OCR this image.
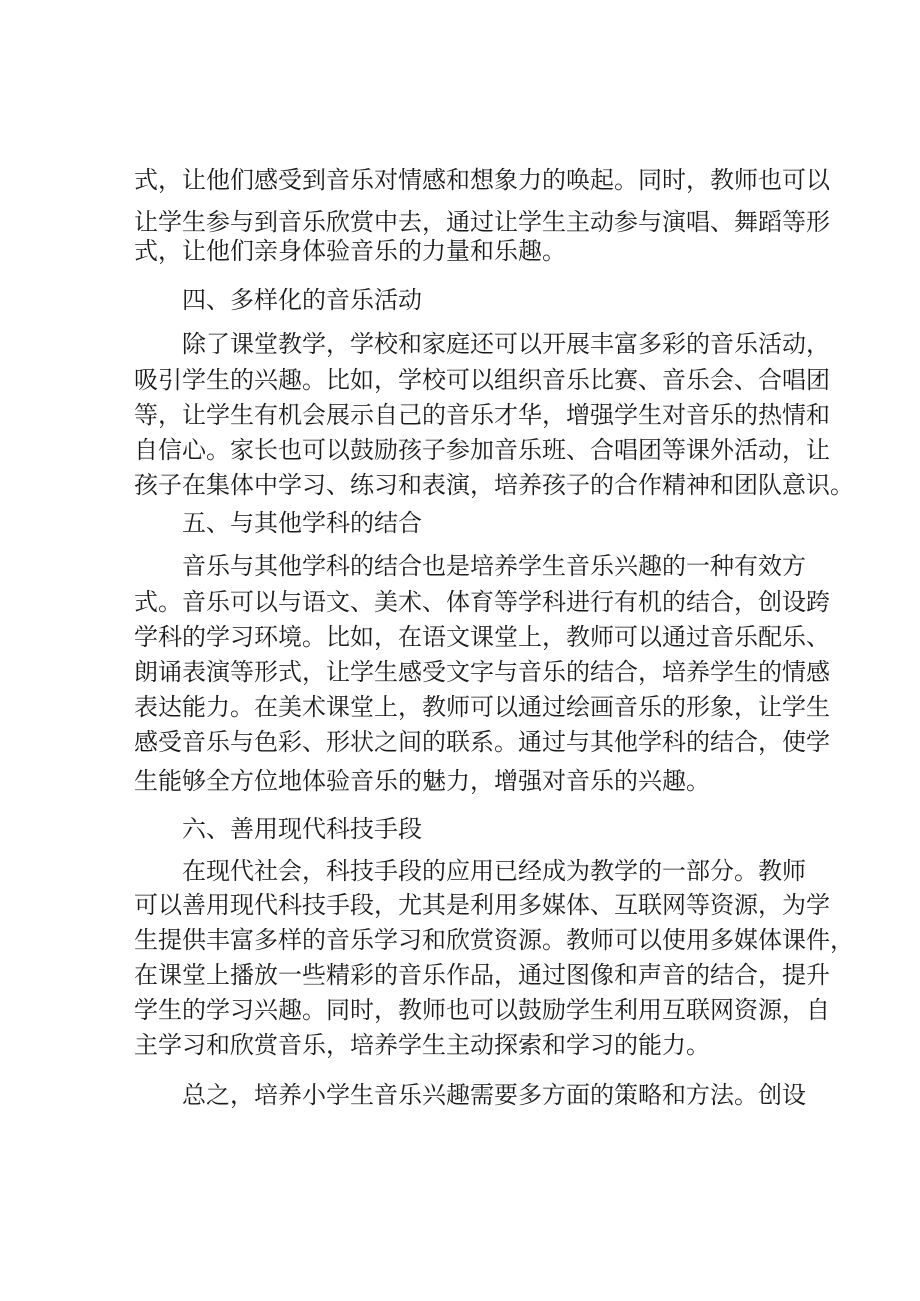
式，让他们感受到音乐对情感和想象力的唤起。同时，教师也可以
让学生参与到音乐欣赏中去，通过让学生主动参与演唱、舞蹈等形
式，让他们亲身体验音乐的力量和乐趣。
四、多样化的音乐活动
除了课堂教学，学校和家庭还可以开展丰富多彩的音乐活动，
吸引学生的兴趣。比如，学校可以组织音乐比赛、音乐会、合唱团
等，让学生有机会展示自己的音乐才华，增强学生对音乐的热情和
自信心。家长也可以鼓励孩子参加音乐班、合唱团等课外活动，让
孩子在集体中学习、练习和表演，培养孩子的合作精神和团队意识。
五、与其他学科的结合
音乐与其他学科的结合也是培养学生音乐兴趣的一种有效方
式。音乐可以与语文、美术、体育等学科进行有机的结合，创设跨
学科的学习环境。比如，在语文课堂上，教师可以通过音乐配乐、
朗诵表演等形式，让学生感受文字与音乐的结合，培养学生的情感
表达能力。在美术课堂上，教师可以通过绘画音乐的形象，让学生
感受音乐与色彩、形状之间的联系。通过与其他学科的结合，使学
生能够全方位地体验音乐的魅力，增强对音乐的兴趣。
六、善用现代科技手段
在现代社会，科技手段的应用已经成为教学的一部分。教师
可以善用现代科技手段，尤其是利用多媒体、互联网等资源，为学
生提供丰富多样的音乐学习和欣赏资源。教师可以使用多媒体课件，
在课堂上播放一些精彩的音乐作品，通过图像和声音的结合，提升
学生的学习兴趣。同时，教师也可以鼓励学生利用互联网资源，自
主学习和欣赏音乐，培养学生主动探索和学习的能力。
总之，培养小学生音乐兴趣需要多方面的策略和方法。创设
